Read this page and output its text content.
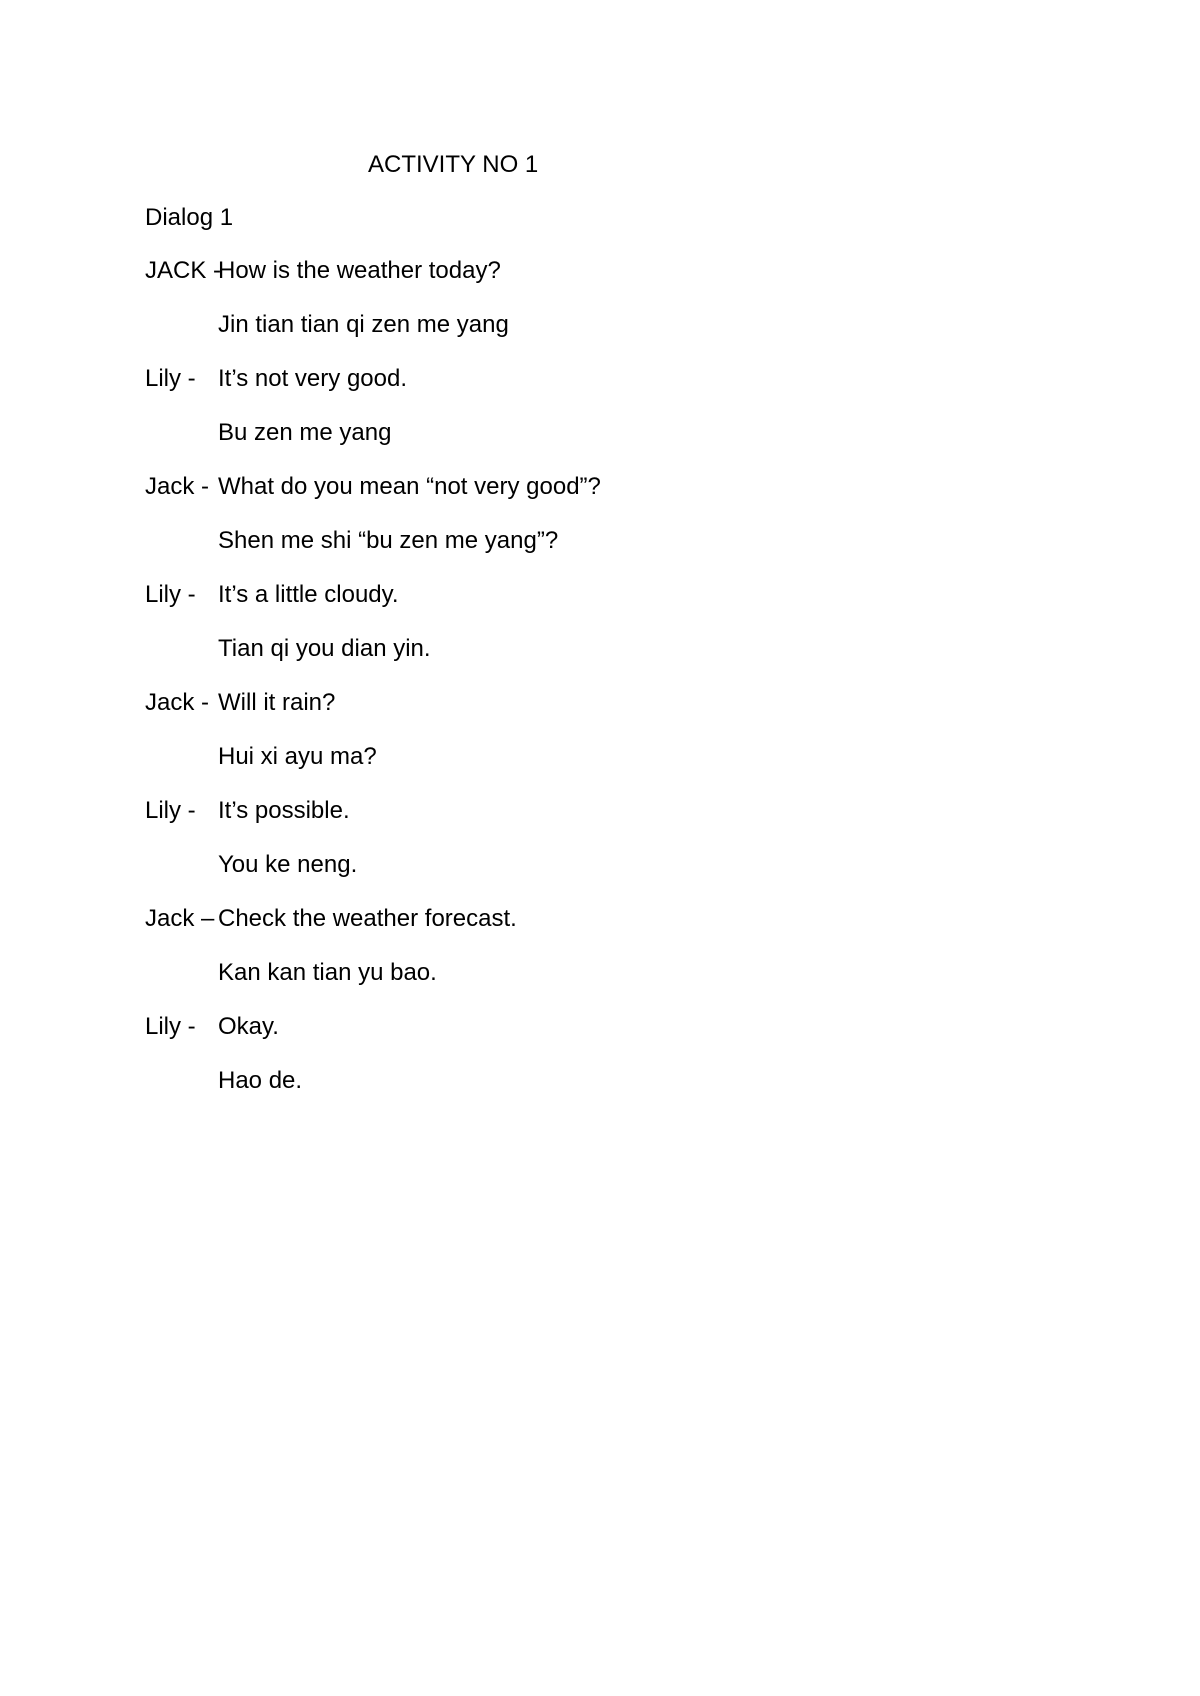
ACTIVITY NO 1
Dialog 1
JACK -
How is the weather today?
Jin tian tian qi zen me yang
Lily - It’s not very good.
Bu zen me yang
Jack - What do you mean “not very good”?
Shen me shi “bu zen me yang”?
Lily - It’s a little cloudy.
Tian qi you dian yin.
Jack - Will it rain?
Hui xi ayu ma?
Lily - It’s possible.
You ke neng.
Jack – Check the weather forecast.
Kan kan tian yu bao.
Lily - Okay.
Hao de.
